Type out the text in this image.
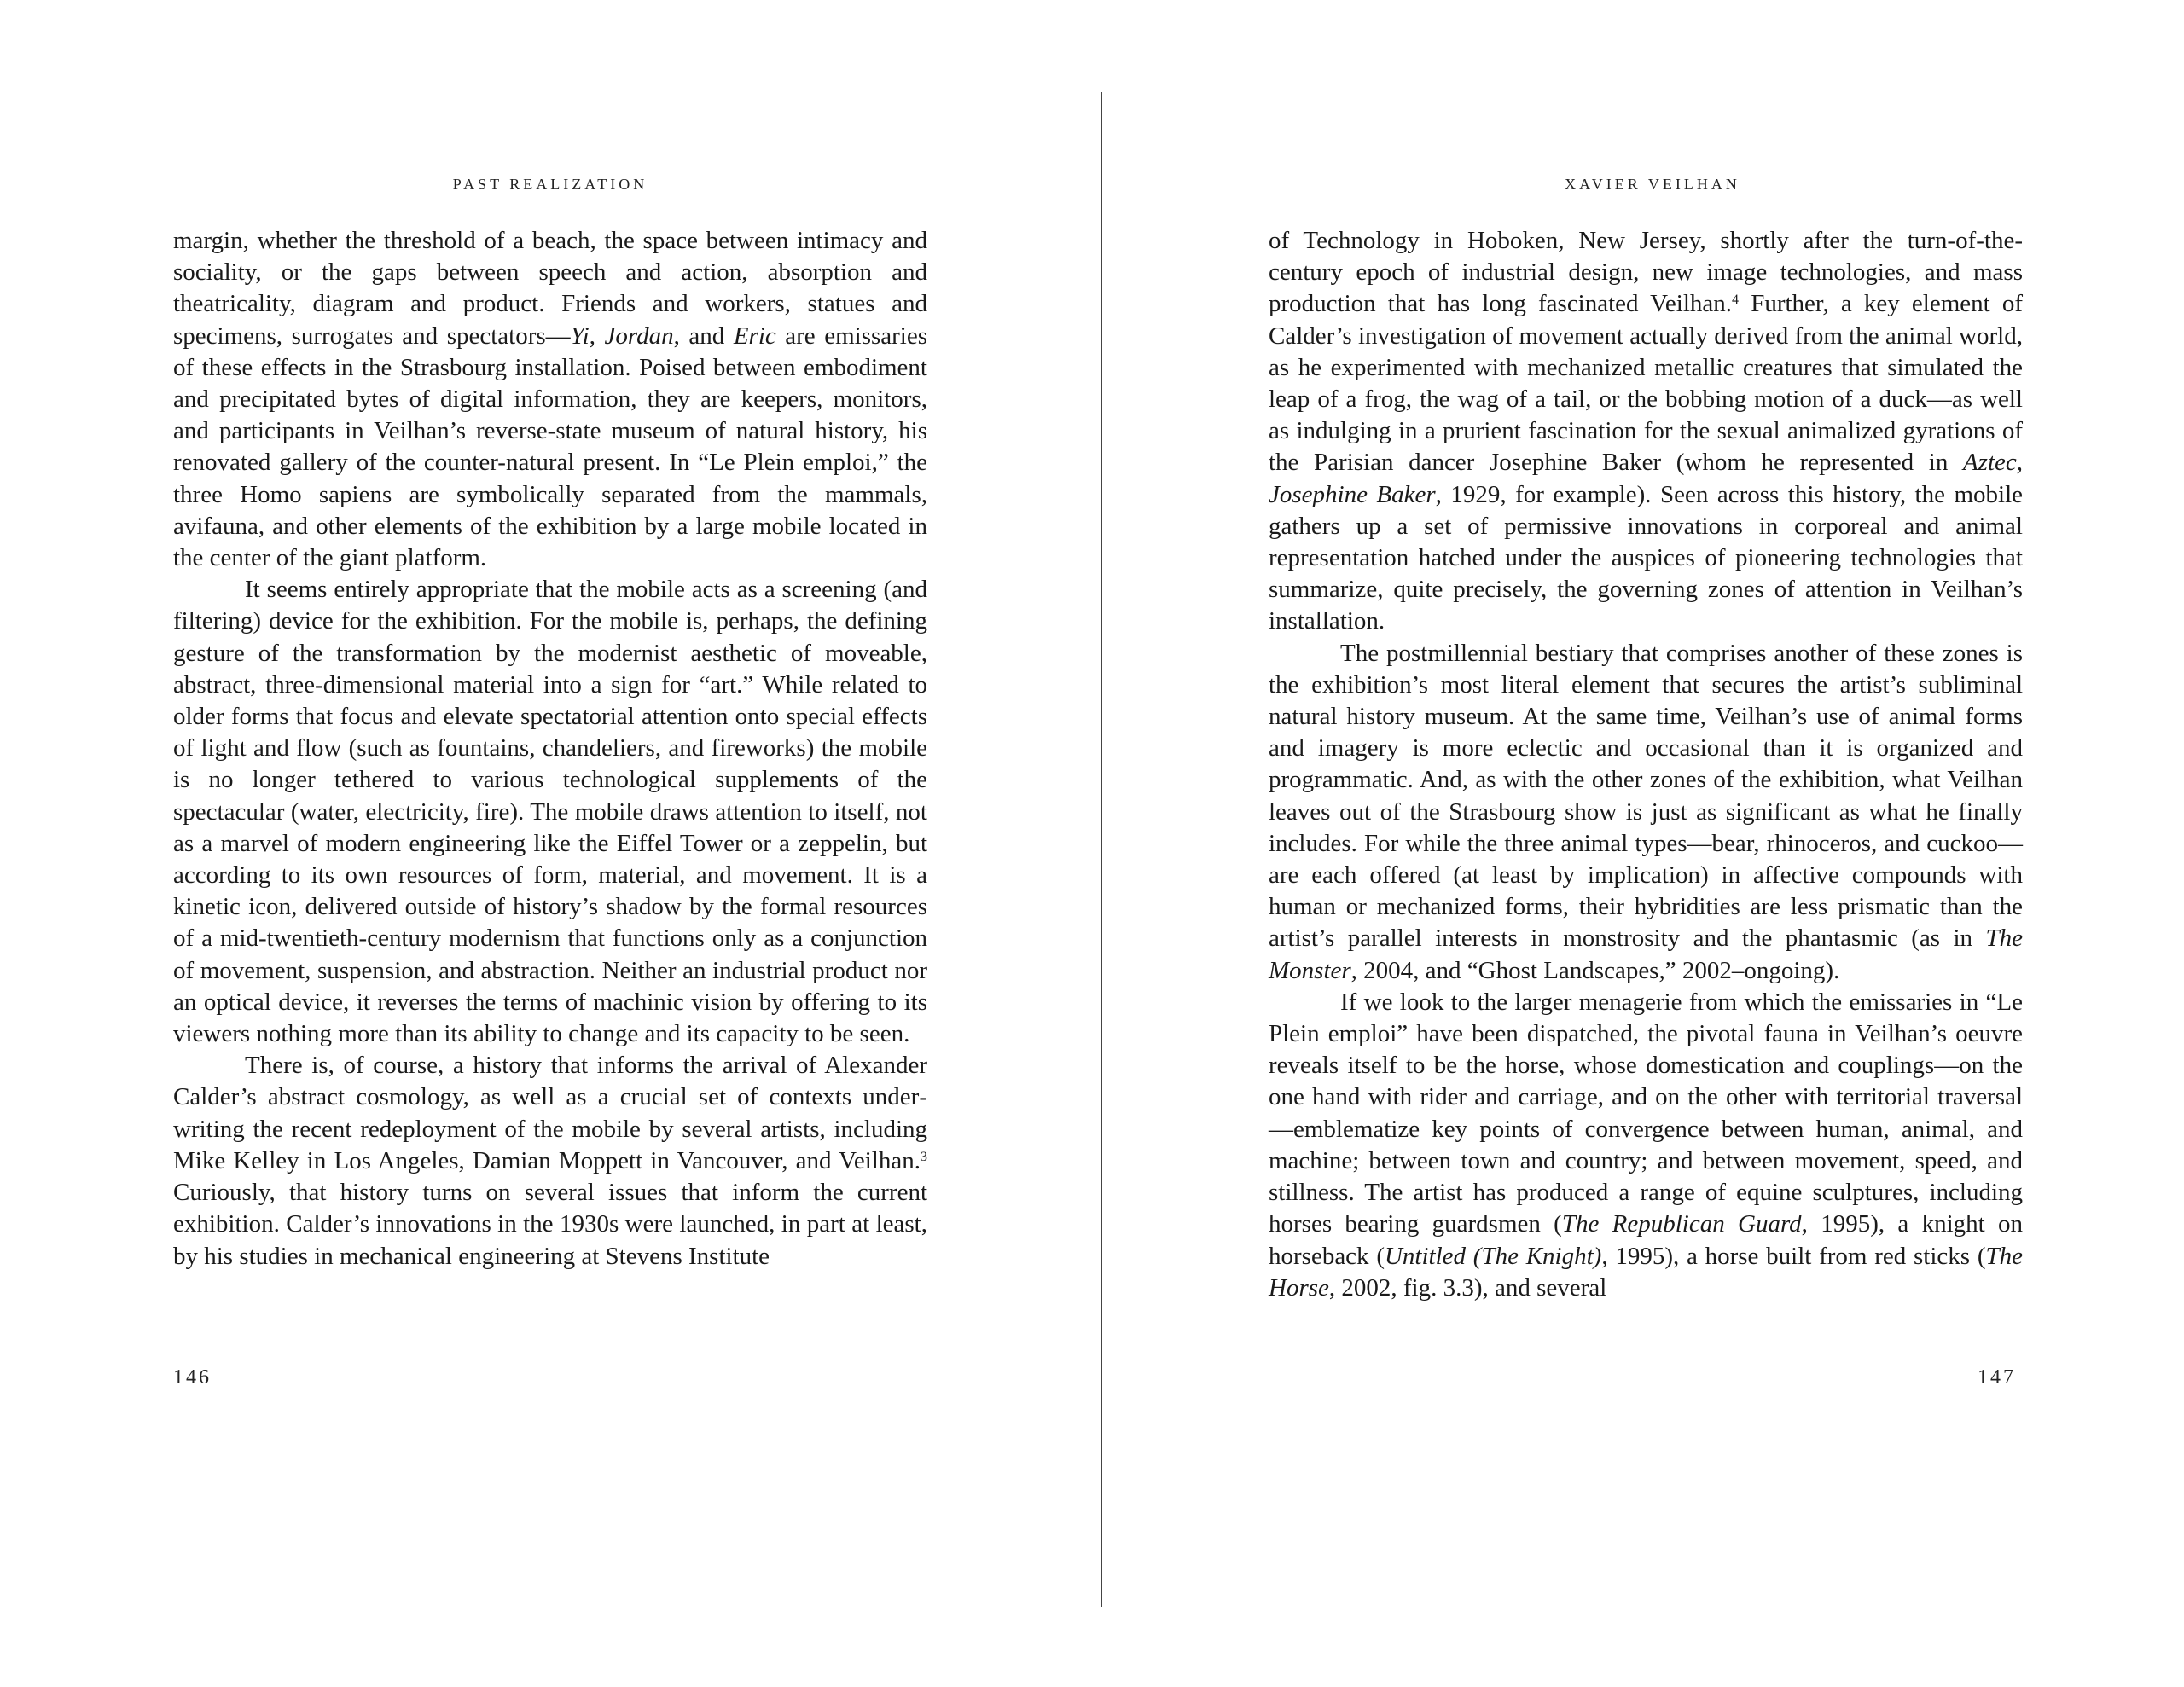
PAST REALIZATION

margin, whether the threshold of a beach, the space between intimacy and sociality, or the gaps between speech and action, absorption and theatricality, diagram and product. Friends and workers, statues and specimens, surrogates and spectators—Yi, Jordan, and Eric are emissaries of these effects in the Strasbourg installation. Poised between embodiment and precipitated bytes of digital information, they are keepers, monitors, and participants in Veilhan’s reverse-state museum of natural history, his renovated gallery of the counter-natural present. In “Le Plein emploi,” the three Homo sapiens are symbolically separated from the mammals, avifauna, and other elements of the exhibition by a large mobile located in the center of the giant platform.

It seems entirely appropriate that the mobile acts as a screening (and filtering) device for the exhibition. For the mobile is, perhaps, the defining gesture of the transformation by the modernist aesthetic of moveable, abstract, three-dimensional material into a sign for “art.” While related to older forms that focus and elevate spectatorial attention onto special effects of light and flow (such as fountains, chandeliers, and fireworks) the mobile is no longer tethered to various technological supplements of the spectacular (water, electricity, fire). The mobile draws attention to itself, not as a marvel of modern engineering like the Eiffel Tower or a zeppelin, but according to its own resources of form, material, and movement. It is a kinetic icon, delivered outside of history’s shadow by the formal resources of a mid-twentieth-century modernism that functions only as a conjunction of movement, suspension, and abstraction. Neither an industrial product nor an optical device, it reverses the terms of machinic vision by offering to its viewers nothing more than its ability to change and its capacity to be seen.

There is, of course, a history that informs the arrival of Alexander Calder’s abstract cosmology, as well as a crucial set of contexts underwriting the recent redeployment of the mobile by several artists, including Mike Kelley in Los Angeles, Damian Moppett in Vancouver, and Veilhan.$^3$ Curiously, that history turns on several issues that inform the current exhibition. Calder’s innovations in the 1930s were launched, in part at least, by his studies in mechanical engineering at Stevens Institute

146
XAVIER VEILHAN

of Technology in Hoboken, New Jersey, shortly after the turn-of-the-century epoch of industrial design, new image technologies, and mass production that has long fascinated Veilhan.$^4$ Further, a key element of Calder’s investigation of movement actually derived from the animal world, as he experimented with mechanized metallic creatures that simulated the leap of a frog, the wag of a tail, or the bobbing motion of a duck—as well as indulging in a prurient fascination for the sexual animalized gyrations of the Parisian dancer Josephine Baker (whom he represented in Aztec, Josephine Baker, 1929, for example). Seen across this history, the mobile gathers up a set of permissive innovations in corporeal and animal representation hatched under the auspices of pioneering technologies that summarize, quite precisely, the governing zones of attention in Veilhan’s installation.

The postmillennial bestiary that comprises another of these zones is the exhibition’s most literal element that secures the artist’s subliminal natural history museum. At the same time, Veilhan’s use of animal forms and imagery is more eclectic and occasional than it is organized and programmatic. And, as with the other zones of the exhibition, what Veilhan leaves out of the Strasbourg show is just as significant as what he finally includes. For while the three animal types—bear, rhinoceros, and cuckoo—are each offered (at least by implication) in affective compounds with human or mechanized forms, their hybridities are less prismatic than the artist’s parallel interests in monstrosity and the phantasmic (as in The Monster, 2004, and “Ghost Landscapes,” 2002–ongoing).

If we look to the larger menagerie from which the emissaries in “Le Plein emploi” have been dispatched, the pivotal fauna in Veilhan’s oeuvre reveals itself to be the horse, whose domestication and couplings—on the one hand with rider and carriage, and on the other with territorial traversal—emblematize key points of convergence between human, animal, and machine; between town and country; and between movement, speed, and stillness. The artist has produced a range of equine sculptures, including horses bearing guardsmen (The Republican Guard, 1995), a knight on horseback (Untitled (The Knight), 1995), a horse built from red sticks (The Horse, 2002, fig. 3.3), and several

147
